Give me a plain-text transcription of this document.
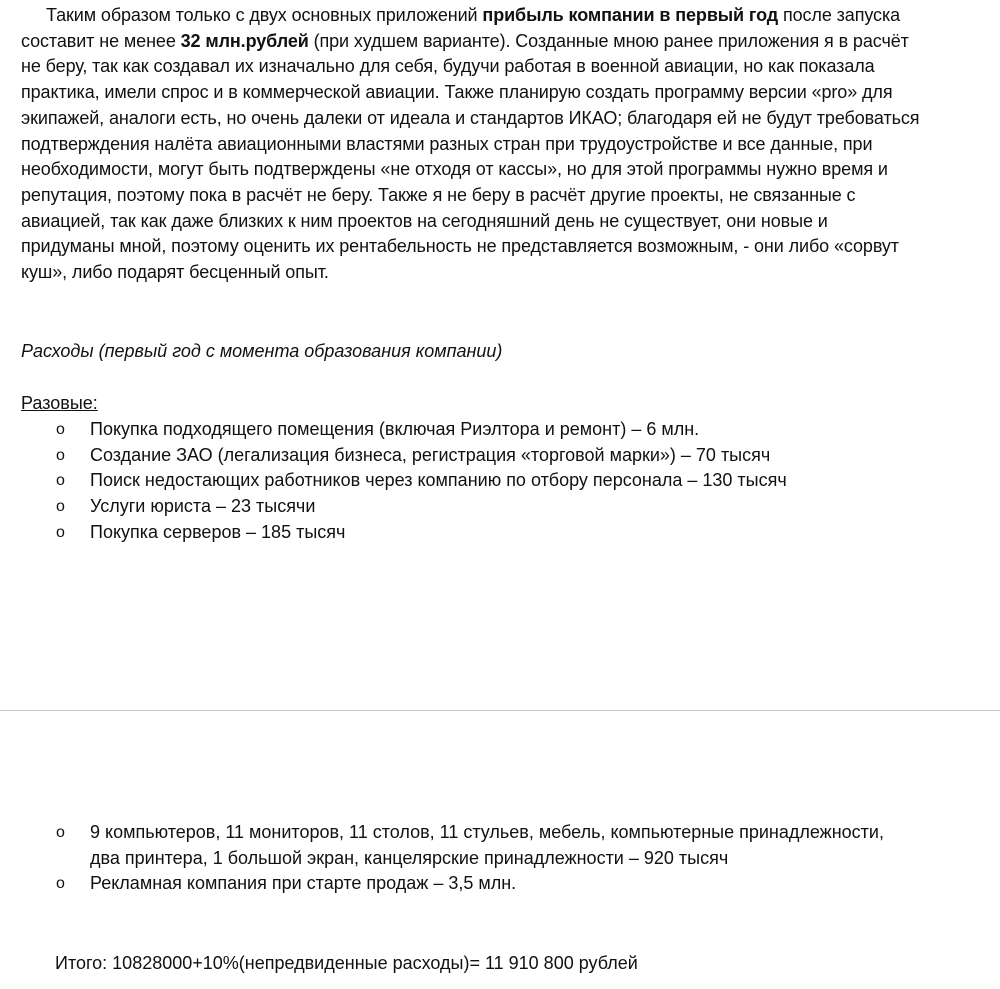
Таким образом только с двух основных приложений прибыль компании в первый год после запуска составит не менее 32 млн.рублей (при худшем варианте). Созданные мною ранее приложения я в расчёт не беру, так как создавал их изначально для себя, будучи работая в военной авиации, но как показала практика, имели спрос и в коммерческой авиации. Также планирую создать программу версии «pro» для экипажей, аналоги есть, но очень далеки от идеала и стандартов ИКАО; благодаря ей не будут требоваться подтверждения налёта авиационными властями разных стран при трудоустройстве и все данные, при необходимости, могут быть подтверждены «не отходя от кассы», но для этой программы нужно время и репутация, поэтому пока в расчёт не беру. Также я не беру в расчёт другие проекты, не связанные с авиацией, так как даже близких к ним проектов на сегодняшний день не существует, они новые и придуманы мной, поэтому оценить их рентабельность не представляется возможным, - они либо «сорвут куш», либо подарят бесценный опыт.

Расходы (первый год с момента образования компании)

Разовые:

o Покупка подходящего помещения (включая Риэлтора и ремонт) – 6 млн.
o Создание ЗАО (легализация бизнеса, регистрация «торговой марки») – 70 тысяч
o Поиск недостающих работников через компанию по отбору персонала – 130 тысяч
o Услуги юриста – 23 тысячи
o Покупка серверов – 185 тысяч
o 9 компьютеров, 11 мониторов, 11 столов, 11 стульев, мебель, компьютерные принадлежности, два принтера, 1 большой экран, канцелярские принадлежности – 920 тысяч
o Рекламная компания при старте продаж – 3,5 млн.

Итого: 10828000+10%(непредвиденные расходы)= 11 910 800 рублей
